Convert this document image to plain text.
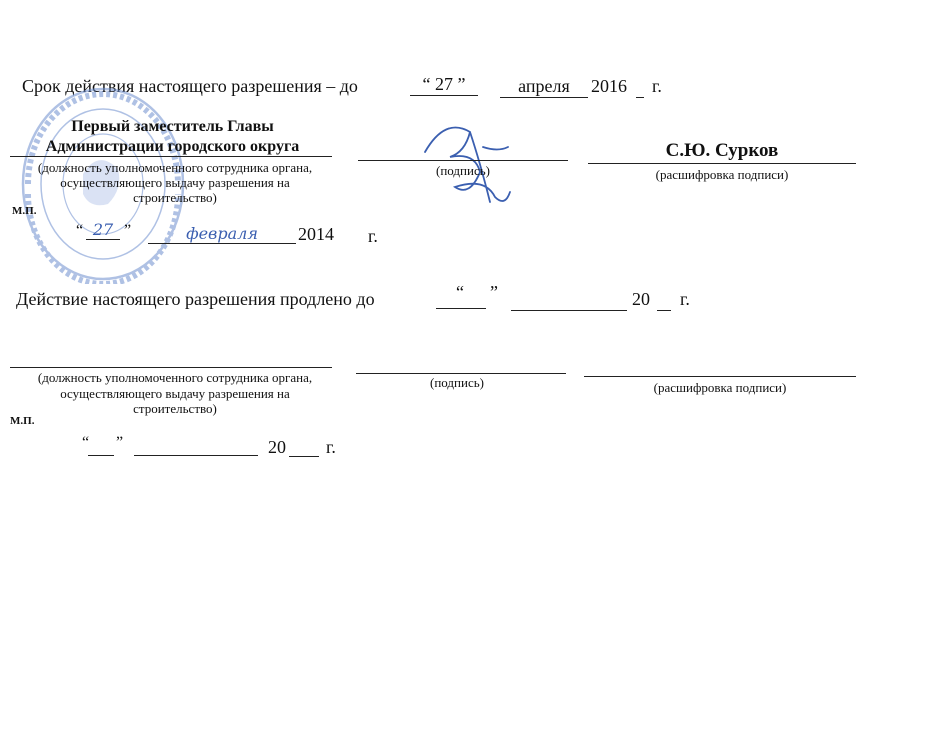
Срок действия настоящего разрешения – до	“ 27 ”	апреля	2016 г.
Первый заместитель Главы
Администрации городского округа
(должность уполномоченного сотрудника органа,
осуществляющего выдачу разрешения на
строительство)
(подпись)
С.Ю. Сурков
(расшифровка подписи)
М.П.
“ 27 ”	февраля	2014 г.
Действие настоящего разрешения продлено до	“ ”	20 г.
(должность уполномоченного сотрудника органа,
осуществляющего выдачу разрешения на
строительство)
(подпись)	(расшифровка подписи)
М.П.
“ ”	20 г.
